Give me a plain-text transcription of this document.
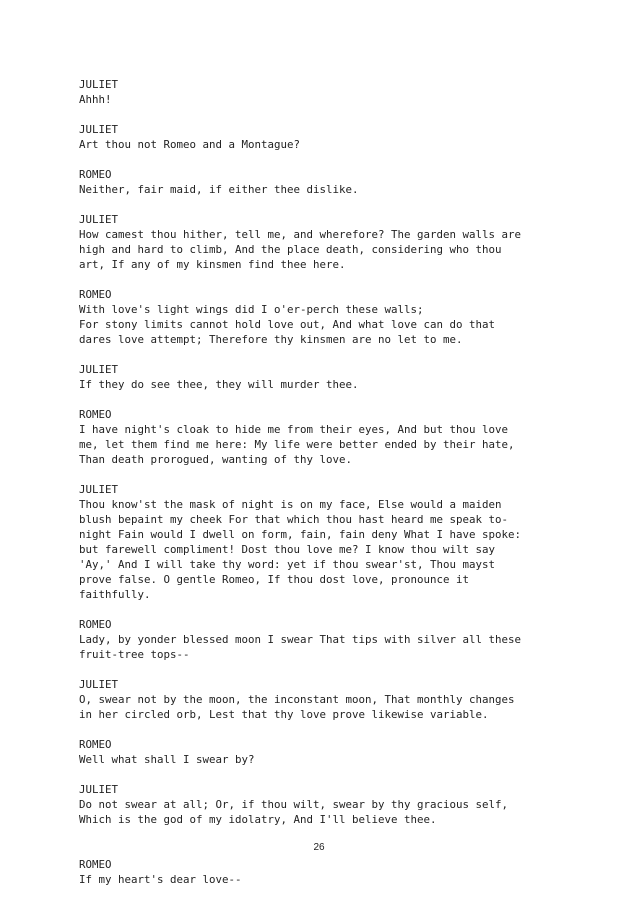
JULIET
Ahhh!
JULIET
Art thou not Romeo and a Montague?
ROMEO
Neither, fair maid, if either thee dislike.
JULIET
How camest thou hither, tell me, and wherefore? The garden walls are
high and hard to climb, And the place death, considering who thou
art, If any of my kinsmen find thee here.
ROMEO
With love's light wings did I o'er-perch these walls;
For stony limits cannot hold love out, And what love can do that
dares love attempt; Therefore thy kinsmen are no let to me.
JULIET
If they do see thee, they will murder thee.
ROMEO
I have night's cloak to hide me from their eyes, And but thou love
me, let them find me here: My life were better ended by their hate,
Than death prorogued, wanting of thy love.
JULIET
Thou know'st the mask of night is on my face, Else would a maiden
blush bepaint my cheek For that which thou hast heard me speak to-
night Fain would I dwell on form, fain, fain deny What I have spoke:
but farewell compliment! Dost thou love me? I know thou wilt say
'Ay,' And I will take thy word: yet if thou swear'st, Thou mayst
prove false. O gentle Romeo, If thou dost love, pronounce it
faithfully.
ROMEO
Lady, by yonder blessed moon I swear That tips with silver all these
fruit-tree tops--
JULIET
O, swear not by the moon, the inconstant moon, That monthly changes
in her circled orb, Lest that thy love prove likewise variable.
ROMEO
Well what shall I swear by?
JULIET
Do not swear at all; Or, if thou wilt, swear by thy gracious self,
Which is the god of my idolatry, And I'll believe thee.
ROMEO
If my heart's dear love--
26
